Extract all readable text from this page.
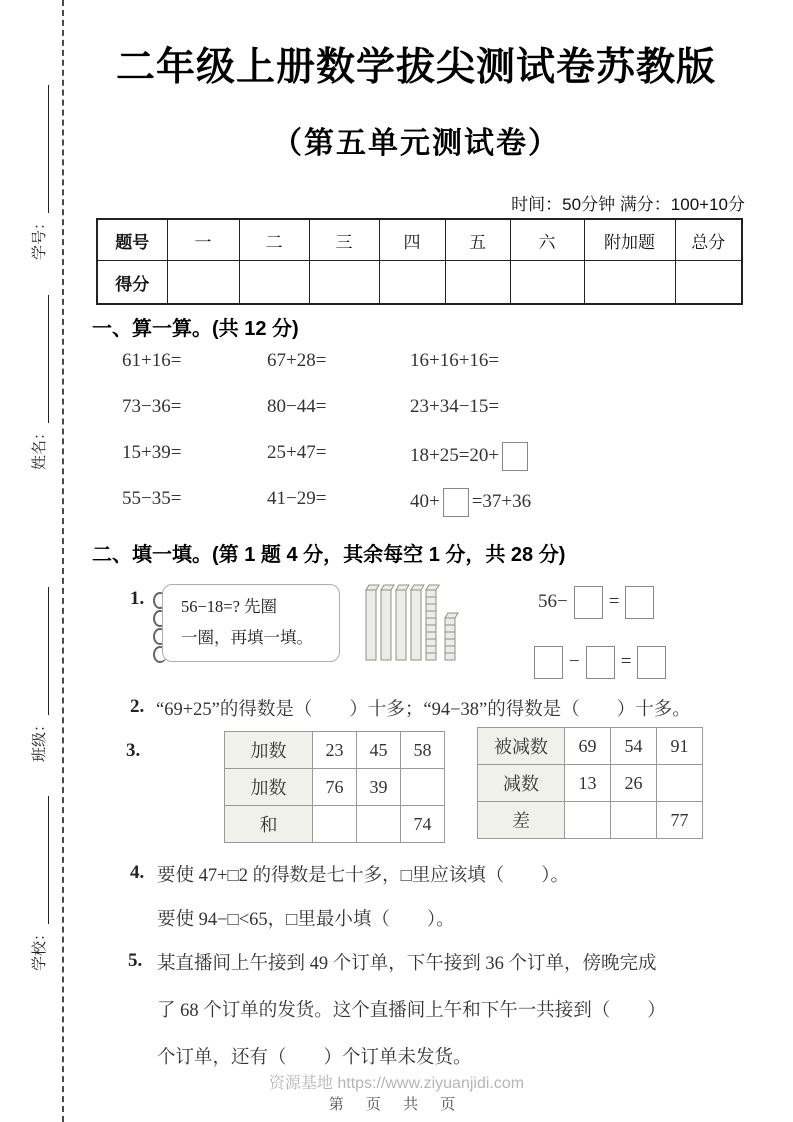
学号：
姓名：
班级：
学校：
二年级上册数学拔尖测试卷苏教版
（第五单元测试卷）
时间：50分钟 满分：100+10分
题号	一	二	三	四	五	六	附加题	总分
得分								
一、算一算。(共 12 分)
61+16=	67+28=	16+16+16=
73−36=	80−44=	23+34−15=
15+39=	25+47=	18+25=20+
55−35=	41−29=	40+ =37+36
二、填一填。(第 1 题 4 分，其余每空 1 分，共 28 分)
1. 56−18=? 先圈
一圈，再填一填。
56− =
− =
2. “69+25”的得数是（　　）十多；“94−38”的得数是（　　）十多。
3.	加数	23	45	58
加数	76	39	
和			74
被减数	69	54	91
减数	13	26	
差			77
4. 要使 47+□2 的得数是七十多，□里应该填（　　）。
要使 94−□<65，□里最小填（　　）。
5. 某直播间上午接到 49 个订单，下午接到 36 个订单，傍晚完成
了 68 个订单的发货。这个直播间上午和下午一共接到（　　）
个订单，还有（　　）个订单未发货。
资源基地 https://www.ziyuanjidi.com
第 页 共 页
